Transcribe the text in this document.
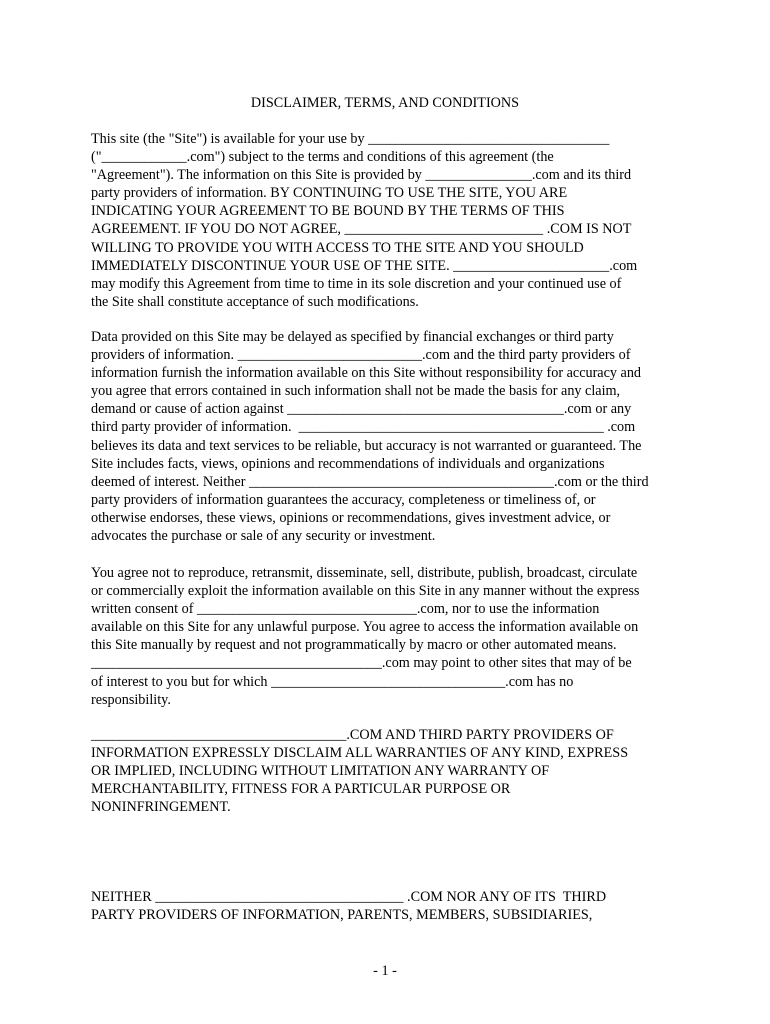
DISCLAIMER, TERMS, AND CONDITIONS

This site (the "Site") is available for your use by __________________________________
("____________.com") subject to the terms and conditions of this agreement (the
"Agreement"). The information on this Site is provided by _______________.com and its third
party providers of information. BY CONTINUING TO USE THE SITE, YOU ARE
INDICATING YOUR AGREEMENT TO BE BOUND BY THE TERMS OF THIS
AGREEMENT. IF YOU DO NOT AGREE, ____________________________ .COM IS NOT
WILLING TO PROVIDE YOU WITH ACCESS TO THE SITE AND YOU SHOULD
IMMEDIATELY DISCONTINUE YOUR USE OF THE SITE. ______________________.com
may modify this Agreement from time to time in its sole discretion and your continued use of
the Site shall constitute acceptance of such modifications.

Data provided on this Site may be delayed as specified by financial exchanges or third party
providers of information. __________________________.com and the third party providers of
information furnish the information available on this Site without responsibility for accuracy and
you agree that errors contained in such information shall not be made the basis for any claim,
demand or cause of action against _______________________________________.com or any
third party provider of information.  ___________________________________________ .com
believes its data and text services to be reliable, but accuracy is not warranted or guaranteed. The
Site includes facts, views, opinions and recommendations of individuals and organizations
deemed of interest. Neither ___________________________________________.com or the third
party providers of information guarantees the accuracy, completeness or timeliness of, or
otherwise endorses, these views, opinions or recommendations, gives investment advice, or
advocates the purchase or sale of any security or investment.

You agree not to reproduce, retransmit, disseminate, sell, distribute, publish, broadcast, circulate
or commercially exploit the information available on this Site in any manner without the express
written consent of _______________________________.com, nor to use the information
available on this Site for any unlawful purpose. You agree to access the information available on
this Site manually by request and not programmatically by macro or other automated means.
_________________________________________.com may point to other sites that may of be
of interest to you but for which _________________________________.com has no
responsibility.

____________________________________.COM AND THIRD PARTY PROVIDERS OF
INFORMATION EXPRESSLY DISCLAIM ALL WARRANTIES OF ANY KIND, EXPRESS
OR IMPLIED, INCLUDING WITHOUT LIMITATION ANY WARRANTY OF
MERCHANTABILITY, FITNESS FOR A PARTICULAR PURPOSE OR
NONINFRINGEMENT.

NEITHER ___________________________________ .COM NOR ANY OF ITS  THIRD
PARTY PROVIDERS OF INFORMATION, PARENTS, MEMBERS, SUBSIDIARIES,

- 1 -
